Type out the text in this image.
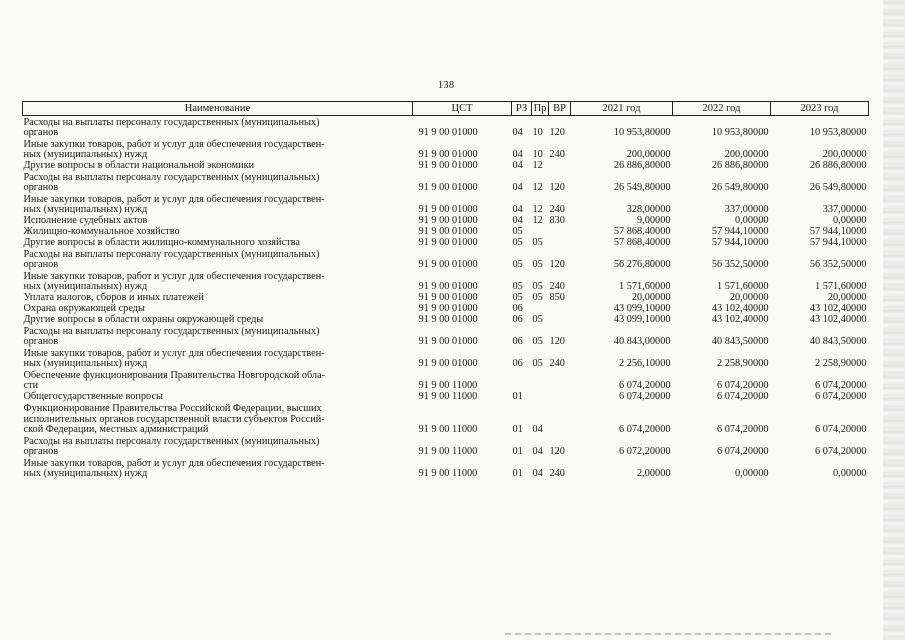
138
Наименование	ЦСТ	РЗ	Пр	ВР	2021 год	2022 год	2023 год

Расходы на выплаты персоналу государственных (муниципальных)
органов	91 9 00 01000	04	10	120	10 953,80000	10 953,80000	10 953,80000

Иные закупки товаров, работ и услуг для обеспечения государствен-
ных (муниципальных) нужд	91 9 00 01000	04	10	240	200,00000	200,00000	200,00000

Другие вопросы в области национальной экономики	91 9 00 01000	04	12		26 886,80000	26 886,80000	26 886,80000

Расходы на выплаты персоналу государственных (муниципальных)
органов	91 9 00 01000	04	12	120	26 549,80000	26 549,80000	26 549,80000

Иные закупки товаров, работ и услуг для обеспечения государствен-
ных (муниципальных) нужд	91 9 00 01000	04	12	240	328,00000	337,00000	337,00000

Исполнение судебных актов	91 9 00 01000	04	12	830	9,00000	0,00000	0,00000

Жилищно-коммунальное хозяйство	91 9 00 01000	05			57 868,40000	57 944,10000	57 944,10000

Другие вопросы в области жилищно-коммунального хозяйства	91 9 00 01000	05	05		57 868,40000	57 944,10000	57 944,10000

Расходы на выплаты персоналу государственных (муниципальных)
органов	91 9 00 01000	05	05	120	56 276,80000	56 352,50000	56 352,50000

Иные закупки товаров, работ и услуг для обеспечения государствен-
ных (муниципальных) нужд	91 9 00 01000	05	05	240	1 571,60000	1 571,60000	1 571,60000

Уплата налогов, сборов и иных платежей	91 9 00 01000	05	05	850	20,00000	20,00000	20,00000

Охрана окружающей среды	91 9 00 01000	06			43 099,10000	43 102,40000	43 102,40000

Другие вопросы в области охраны окружающей среды	91 9 00 01000	06	05		43 099,10000	43 102,40000	43 102,40000

Расходы на выплаты персоналу государственных (муниципальных)
органов	91 9 00 01000	06	05	120	40 843,00000	40 843,50000	40 843,50000

Иные закупки товаров, работ и услуг для обеспечения государствен-
ных (муниципальных) нужд	91 9 00 01000	06	05	240	2 256,10000	2 258,90000	2 258,90000

Обеспечение функционирования Правительства Новгородской обла-
сти	91 9 00 11000				6 074,20000	6 074,20000	6 074,20000

Общегосударственные вопросы	91 9 00 11000	01			6 074,20000	6 074,20000	6 074,20000

Функционирование Правительства Российской Федерации, высших
исполнительных органов государственной власти субъектов Россий-
ской Федерации, местных администраций	91 9 00 11000	01	04		6 074,20000	6 074,20000	6 074,20000

Расходы на выплаты персоналу государственных (муниципальных)
органов	91 9 00 11000	01	04	120	6 072,20000	6 074,20000	6 074,20000

Иные закупки товаров, работ и услуг для обеспечения государствен-
ных (муниципальных) нужд	91 9 00 11000	01	04	240	2,00000	0,00000	0,00000
